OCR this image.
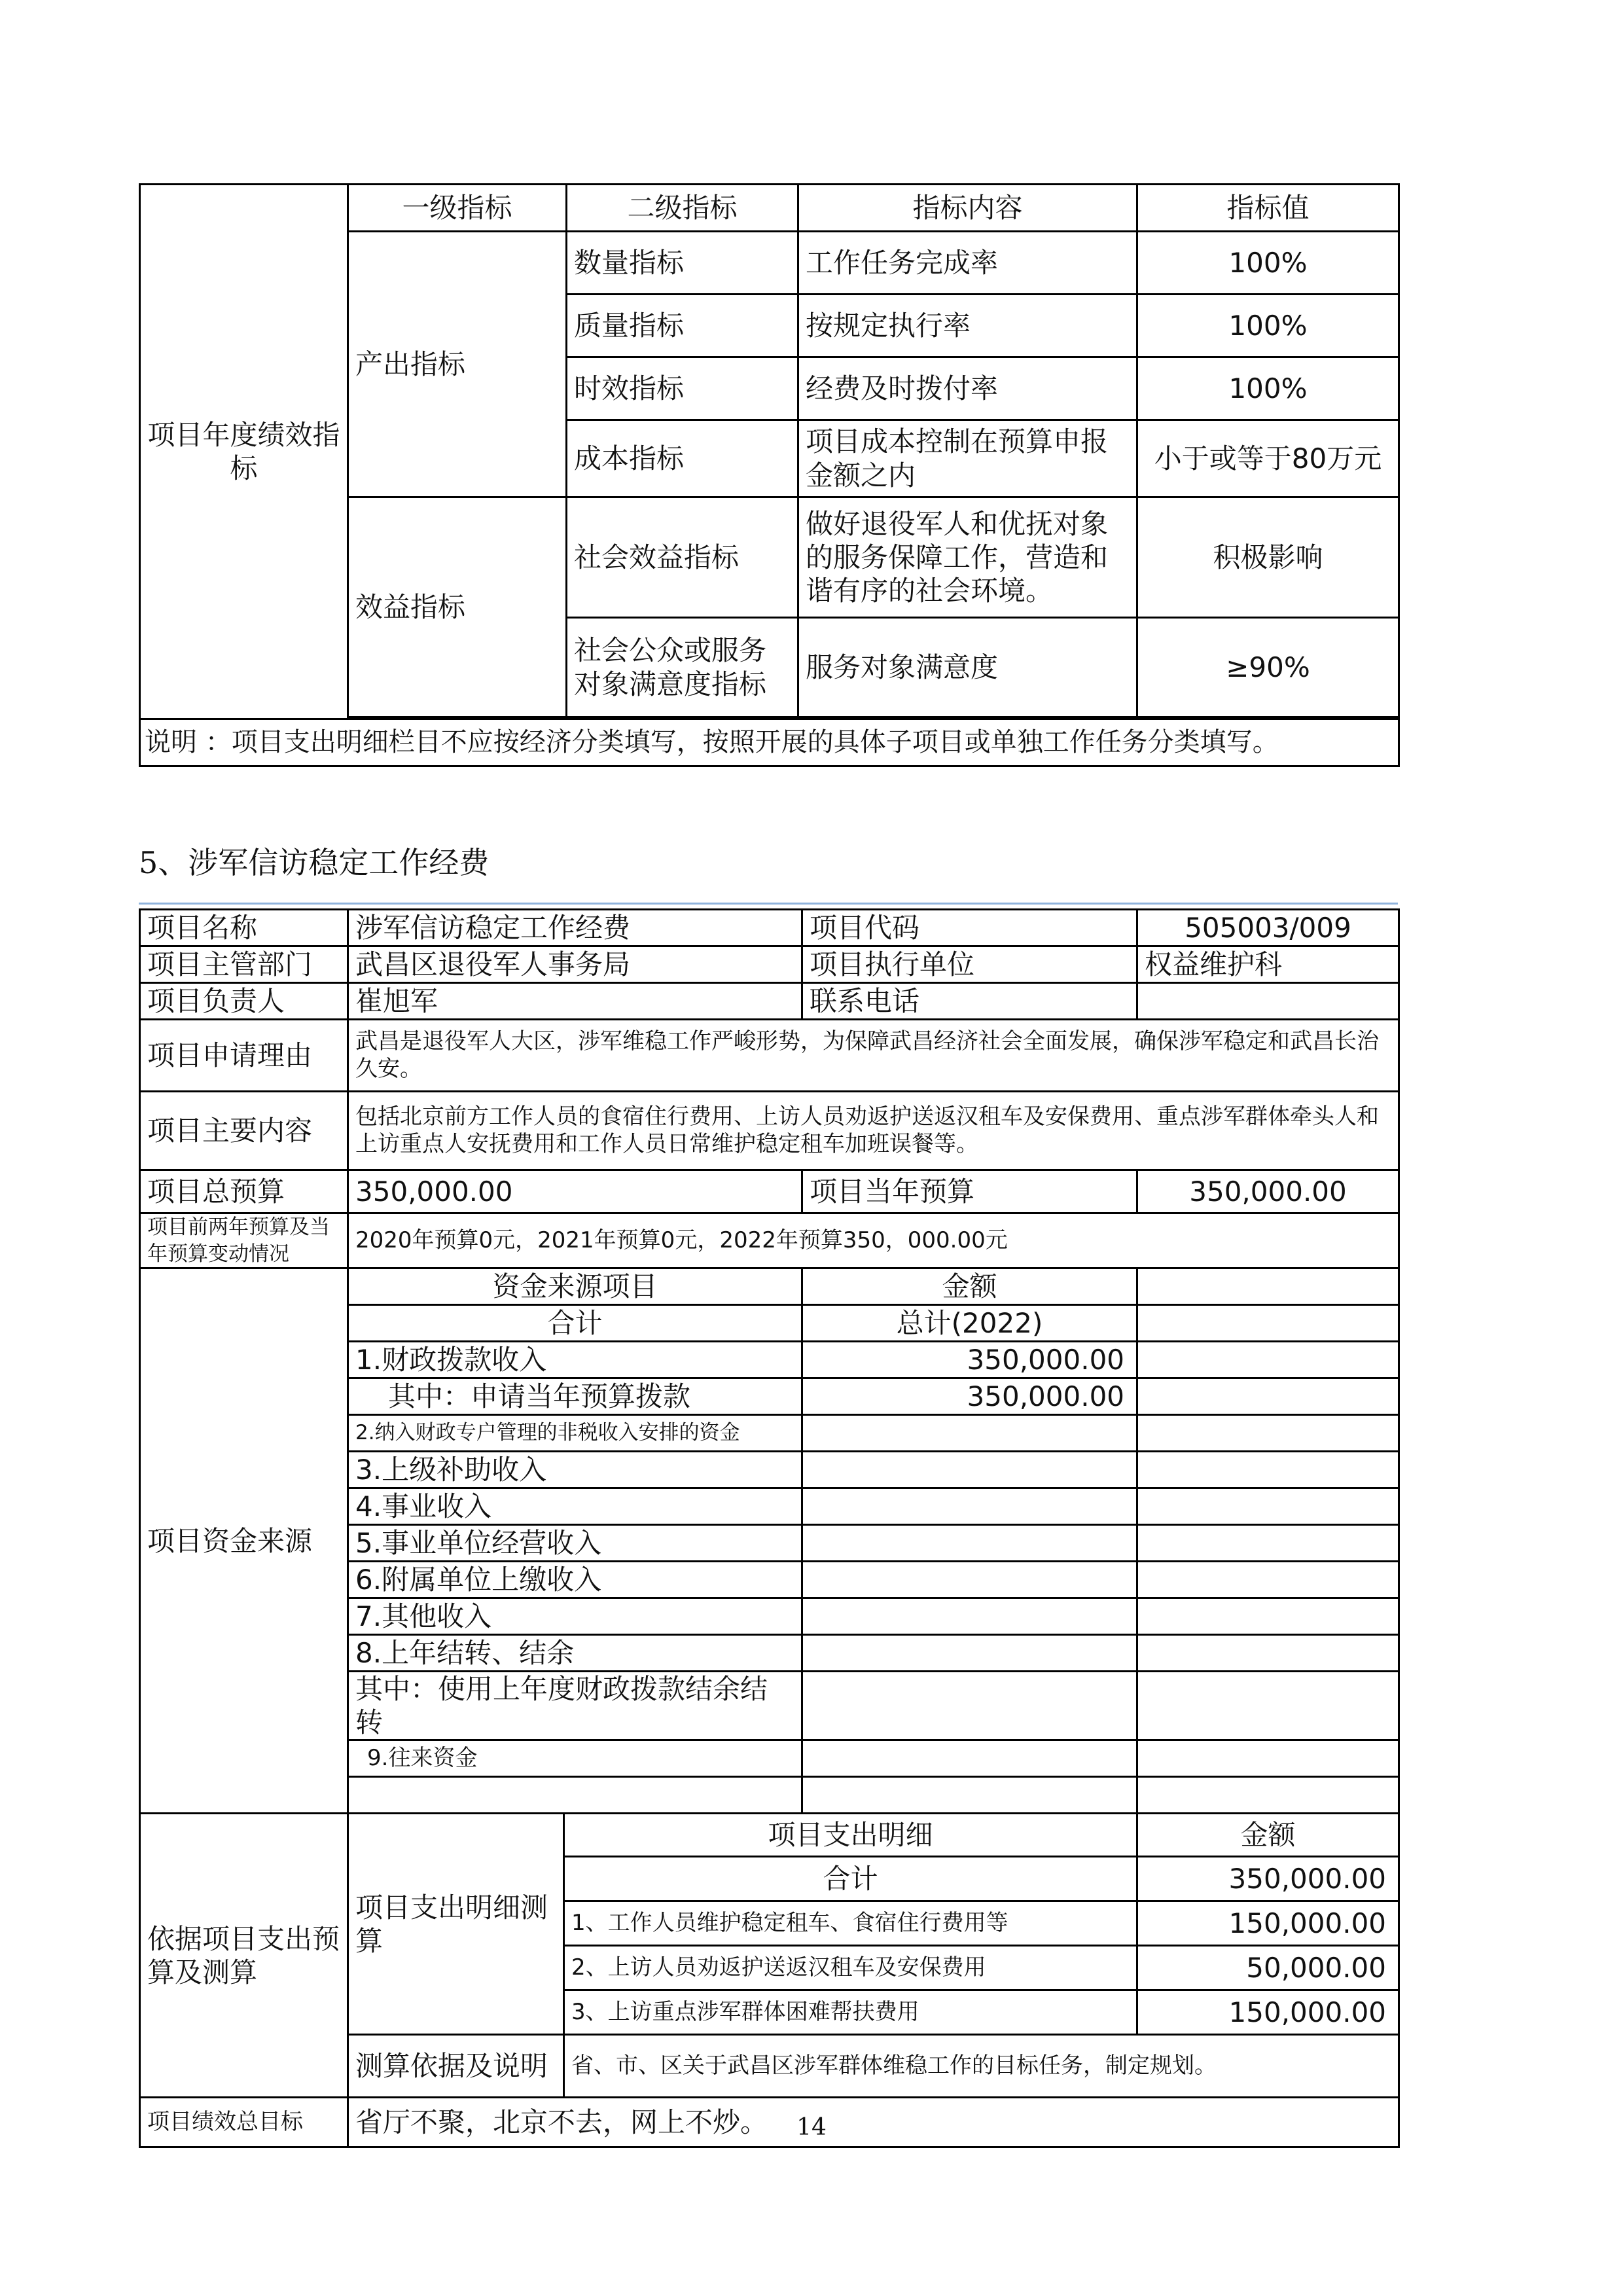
项目年度绩效指标	一级指标	二级指标	指标内容	指标值
	产出指标	数量指标	工作任务完成率	100%
		质量指标	按规定执行率	100%
		时效指标	经费及时拨付率	100%
		成本指标	项目成本控制在预算申报金额之内	小于或等于80万元
	效益指标	社会效益指标	做好退役军人和优抚对象的服务保障工作，营造和谐有序的社会环境。	积极影响
		社会公众或服务对象满意度指标	服务对象满意度	≥90%

说明 ：项目支出明细栏目不应按经济分类填写，按照开展的具体子项目或单独工作任务分类填写。				
5、涉军信访稳定工作经费
项目名称	涉军信访稳定工作经费		项目代码	505003/009
项目主管部门	武昌区退役军人事务局		项目执行单位	权益维护科
项目负责人	崔旭军		联系电话	
项目申请理由	武昌是退役军人大区，涉军维稳工作严峻形势，为保障武昌经济社会全面发展，确保涉军稳定和武昌长治久安。			
项目主要内容	包括北京前方工作人员的食宿住行费用、上访人员劝返护送返汉租车及安保费用、重点涉军群体牵头人和上访重点人安抚费用和工作人员日常维护稳定租车加班误餐等。			
项目总预算	350,000.00		项目当年预算	350,000.00
项目前两年预算及当年预算变动情况	2020年预算0元，2021年预算0元，2022年预算350，000.00元			
项目资金来源	资金来源项目		金额	
	合计		总计(2022)	
	1.财政拨款收入		350,000.00	
	其中：申请当年预算拨款		350,000.00	
	2.纳入财政专户管理的非税收入安排的资金			
	3.上级补助收入			
	4.事业收入			
	5.事业单位经营收入			
	6.附属单位上缴收入			
	7.其他收入			
	8.上年结转、结余			
	其中：使用上年度财政拨款结余结转			
	9.往来资金			

依据项目支出预算及测算	项目支出明细测算	项目支出明细		金额
		合计		350,000.00
		1、工作人员维护稳定租车、食宿住行费用等		150,000.00
		2、上访人员劝返护送返汉租车及安保费用		50,000.00
		3、上访重点涉军群体困难帮扶费用		150,000.00
	测算依据及说明	省、市、区关于武昌区涉军群体维稳工作的目标任务，制定规划。		
项目绩效总目标	省厅不聚，北京不去，网上不炒。				14
